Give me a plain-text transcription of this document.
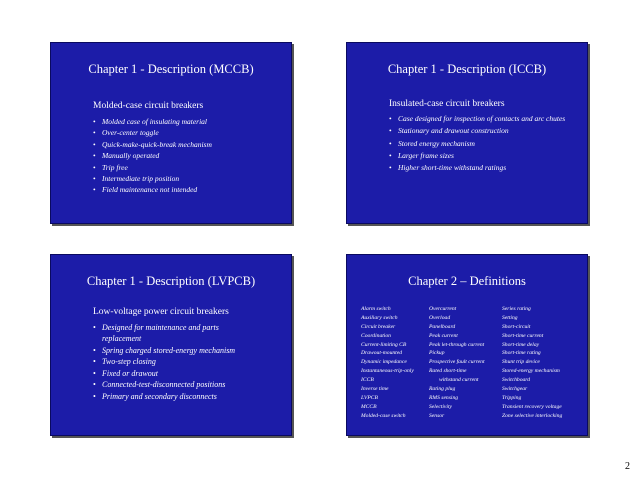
Chapter 1 - Description (MCCB)
Molded-case circuit breakers
• Molded case of insulating material
• Over-center toggle
• Quick-make-quick-break mechanism
• Manually operated
• Trip free
• Intermediate trip position
• Field maintenance not intended
Chapter 1 - Description (ICCB)
Insulated-case circuit breakers
• Case designed for inspection of contacts and arc chutes
• Stationary and drawout construction
• Stored energy mechanism
• Larger frame sizes
• Higher short-time withstand ratings
Chapter 1 - Description (LVPCB)
Low-voltage power circuit breakers
• Designed for maintenance and parts replacement
• Spring charged stored-energy mechanism
• Two-step closing
• Fixed or drawout
• Connected-test-disconnected positions
• Primary and secondary disconnects
Chapter 2 – Definitions
Alarm switch
Auxiliary switch
Circuit breaker
Coordination
Current-limiting CB
Drawout-mounted
Dynamic impedance
Instantaneous-trip-only
ICCB
Inverse time
LVPCB
MCCB
Molded-case switch
Overcurrent
Overload
Panelboard
Peak current
Peak let-through current
Pickup
Prospective fault current
Rated short-time
withstand current
Rating plug
RMS sensing
Selectivity
Sensor
Series rating
Setting
Short-circuit
Short-time current
Short-time delay
Short-time rating
Shunt trip device
Stored-energy mechanism
Switchboard
Switchgear
Tripping
Transient recovery voltage
Zone selective interlocking
2
